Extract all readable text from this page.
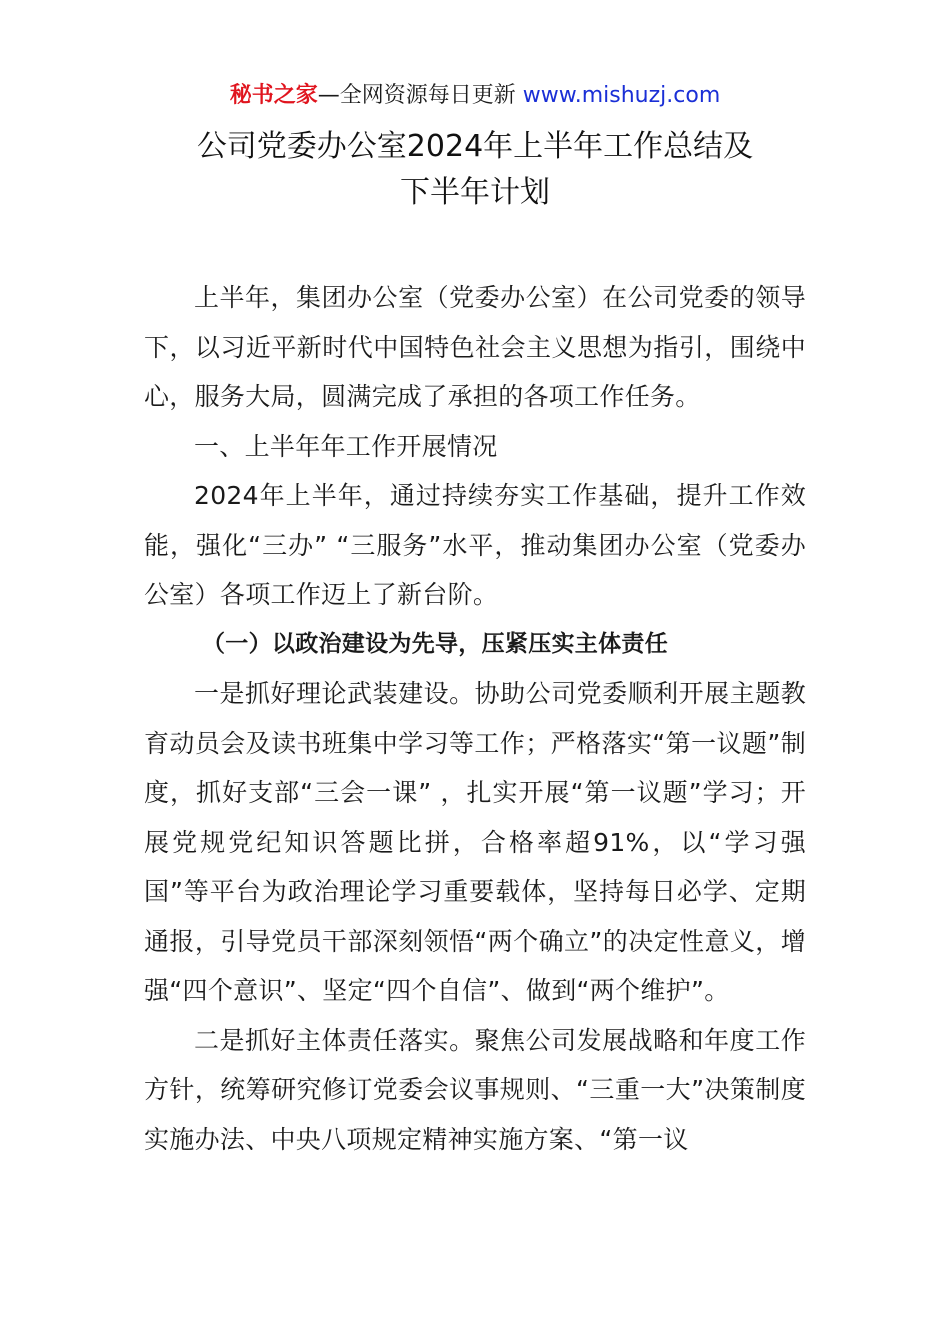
秘书之家—全网资源每日更新 www.mishuzj.com
公司党委办公室2024年上半年工作总结及
下半年计划

上半年，集团办公室（党委办公室）在公司党委的领导下，以习近平新时代中国特色社会主义思想为指引，围绕中心，服务大局，圆满完成了承担的各项工作任务。

一、上半年年工作开展情况

2024年上半年，通过持续夯实工作基础，提升工作效能，强化“三办” “三服务”水平，推动集团办公室（党委办公室）各项工作迈上了新台阶。

（一）以政治建设为先导，压紧压实主体责任

一是抓好理论武装建设。协助公司党委顺利开展主题教育动员会及读书班集中学习等工作；严格落实“第一议题”制度，抓好支部“三会一课” ，扎实开展“第一议题”学习；开展党规党纪知识答题比拼，合格率超91%，以“学习强国”等平台为政治理论学习重要载体，坚持每日必学、定期通报，引导党员干部深刻领悟“两个确立”的决定性意义，增强“四个意识”、坚定“四个自信”、做到“两个维护”。

二是抓好主体责任落实。聚焦公司发展战略和年度工作方针，统筹研究修订党委会议事规则、“三重一大”决策制度实施办法、中央八项规定精神实施方案、“第一议
